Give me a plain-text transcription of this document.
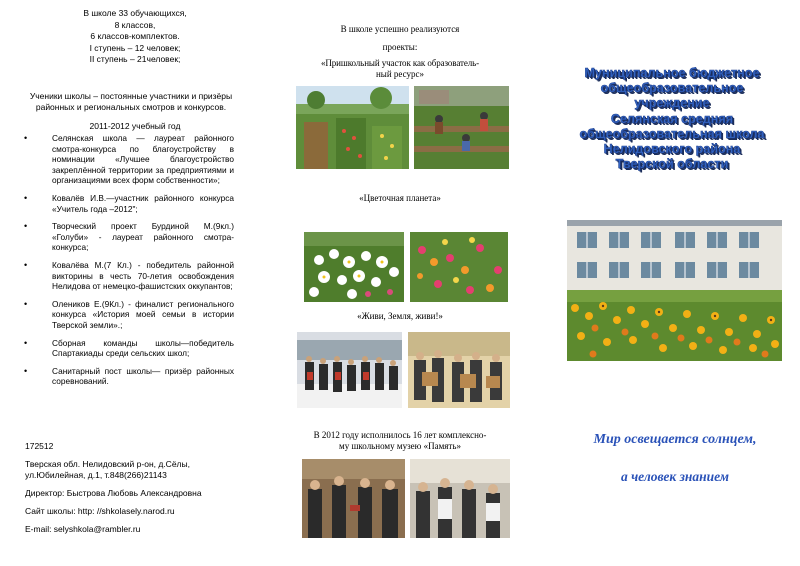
В школе 33 обучающихся,
8 классов,
6 классов-комплектов.
I ступень – 12 человек;
II ступень – 21человек;
Ученики школы – постоянные участники и призёры районных и региональных смотров и конкурсов.
2011-2012 учебный год
• Селянская школа — лауреат районного смотра-конкурса по благоустройству в номинации «Лучшее благоустройство закреплённой территории за предприятиями и организациями всех форм собственности»;
• Ковалёв И.В.—участник районного конкурса «Учитель года –2012";
• Творческий проект Бурдиной М.(9кл.) «Голуби» - лауреат районного смотра-конкурса;
• Ковалёва М.(7 Кл.) - победитель районной викторины в честь 70-летия освобождения Нелидова от немецко-фашистских оккупантов;
• Олеников Е.(9Кл.) - финалист регионального конкурса «История моей семьи в истории Тверской земли».;
• Сборная команды школы—победитель Спартакиады среди сельских школ;
• Санитарный пост школы— призёр районных соревнований.
172512
Тверская обл. Нелидовский р-он, д.Сёлы,
ул.Юбилейная, д.1, т.848(266)21143
Директор: Быстрова Любовь Александровна
Сайт школы: http: //shkolasely.narod.ru
E-mail: selyshkola@rambler.ru
В школе успешно реализуются
проекты:
«Пришкольный участок как образователь-
ный ресурс»
«Цветочная планета»
«Живи, Земля, живи!»
В 2012 году исполнилось 16 лет комплексно-
му школьному музею «Память»
Муниципальное бюджетное
общеобразовательное
учреждение
Селянская средняя
общеобразовательная школа
Нелидовского района
Тверской области
Мир освещается солнцем,
а человек знанием
